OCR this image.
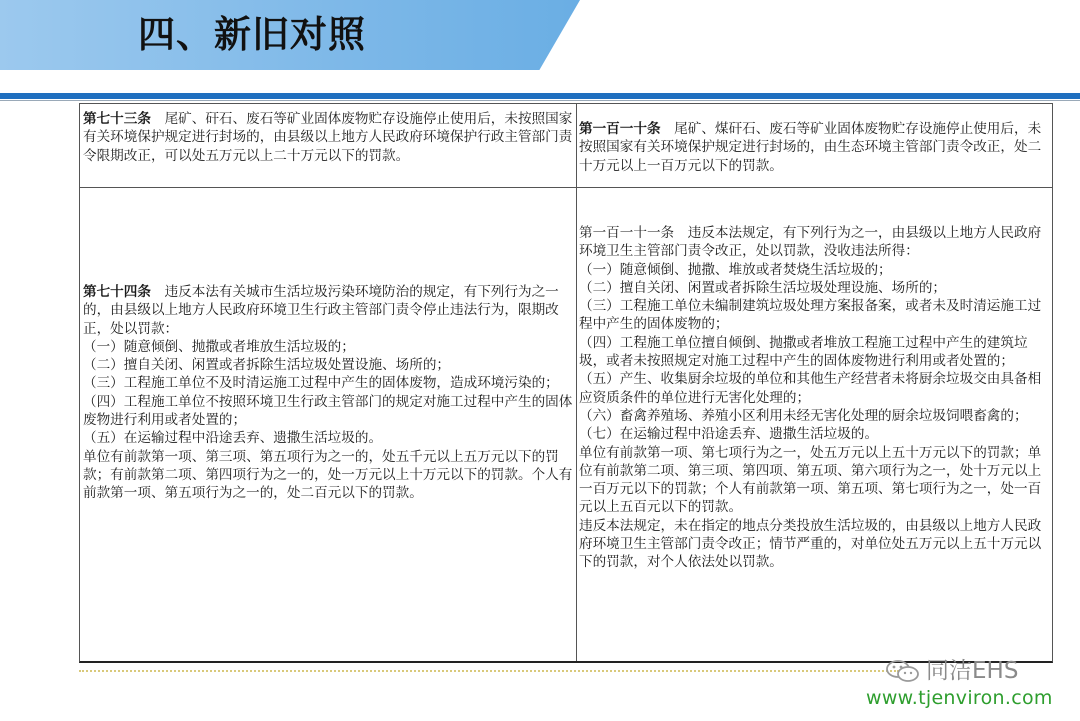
四、新旧对照

第七十三条　 尾矿、矸石、废石等矿业固体废物贮存设施停止使用后，未按照国家有关环境保护规定进行封场的，由县级以上地方人民政府环境保护行政主管部门责令限期改正，可以处五万元以上二十万元以下的罚款。

第一百一十条　 尾矿、煤矸石、废石等矿业固体废物贮存设施停止使用后，未按照国家有关环境保护规定进行封场的，由生态环境主管部门责令改正，处二十万元以上一百万元以下的罚款。

第七十四条　 违反本法有关城市生活垃圾污染环境防治的规定，有下列行为之一的，由县级以上地方人民政府环境卫生行政主管部门责令停止违法行为，限期改正，处以罚款：

（一）随意倾倒、抛撒或者堆放生活垃圾的；

（二）擅自关闭、闲置或者拆除生活垃圾处置设施、场所的；

（三）工程施工单位不及时清运施工过程中产生的固体废物，造成环境污染的；

（四）工程施工单位不按照环境卫生行政主管部门的规定对施工过程中产生的固体废物进行利用或者处置的；

（五）在运输过程中沿途丢弃、遗撒生活垃圾的。

单位有前款第一项、第三项、第五项行为之一的，处五千元以上五万元以下的罚款；有前款第二项、第四项行为之一的，处一万元以上十万元以下的罚款。个人有前款第一项、第五项行为之一的，处二百元以下的罚款。

第一百一十一条　 违反本法规定，有下列行为之一，由县级以上地方人民政府环境卫生主管部门责令改正，处以罚款，没收违法所得：

（一）随意倾倒、抛撒、堆放或者焚烧生活垃圾的；

（二）擅自关闭、闲置或者拆除生活垃圾处理设施、场所的；

（三）工程施工单位未编制建筑垃圾处理方案报备案，或者未及时清运施工过程中产生的固体废物的；

（四）工程施工单位擅自倾倒、抛撒或者堆放工程施工过程中产生的建筑垃圾，或者未按照规定对施工过程中产生的固体废物进行利用或者处置的；

（五）产生、收集厨余垃圾的单位和其他生产经营者未将厨余垃圾交由具备相应资质条件的单位进行无害化处理的；

（六）畜禽养殖场、养殖小区利用未经无害化处理的厨余垃圾饲喂畜禽的；

（七）在运输过程中沿途丢弃、遗撒生活垃圾的。

单位有前款第一项、第七项行为之一，处五万元以上五十万元以下的罚款；单位有前款第二项、第三项、第四项、第五项、第六项行为之一，处十万元以上一百万元以下的罚款；个人有前款第一项、第五项、第七项行为之一，处一百元以上五百元以下的罚款。

违反本法规定，未在指定的地点分类投放生活垃圾的，由县级以上地方人民政府环境卫生主管部门责令改正；情节严重的，对单位处五万元以上五十万元以下的罚款，对个人依法处以罚款。

同洁EHS
www.tjenviron.com
